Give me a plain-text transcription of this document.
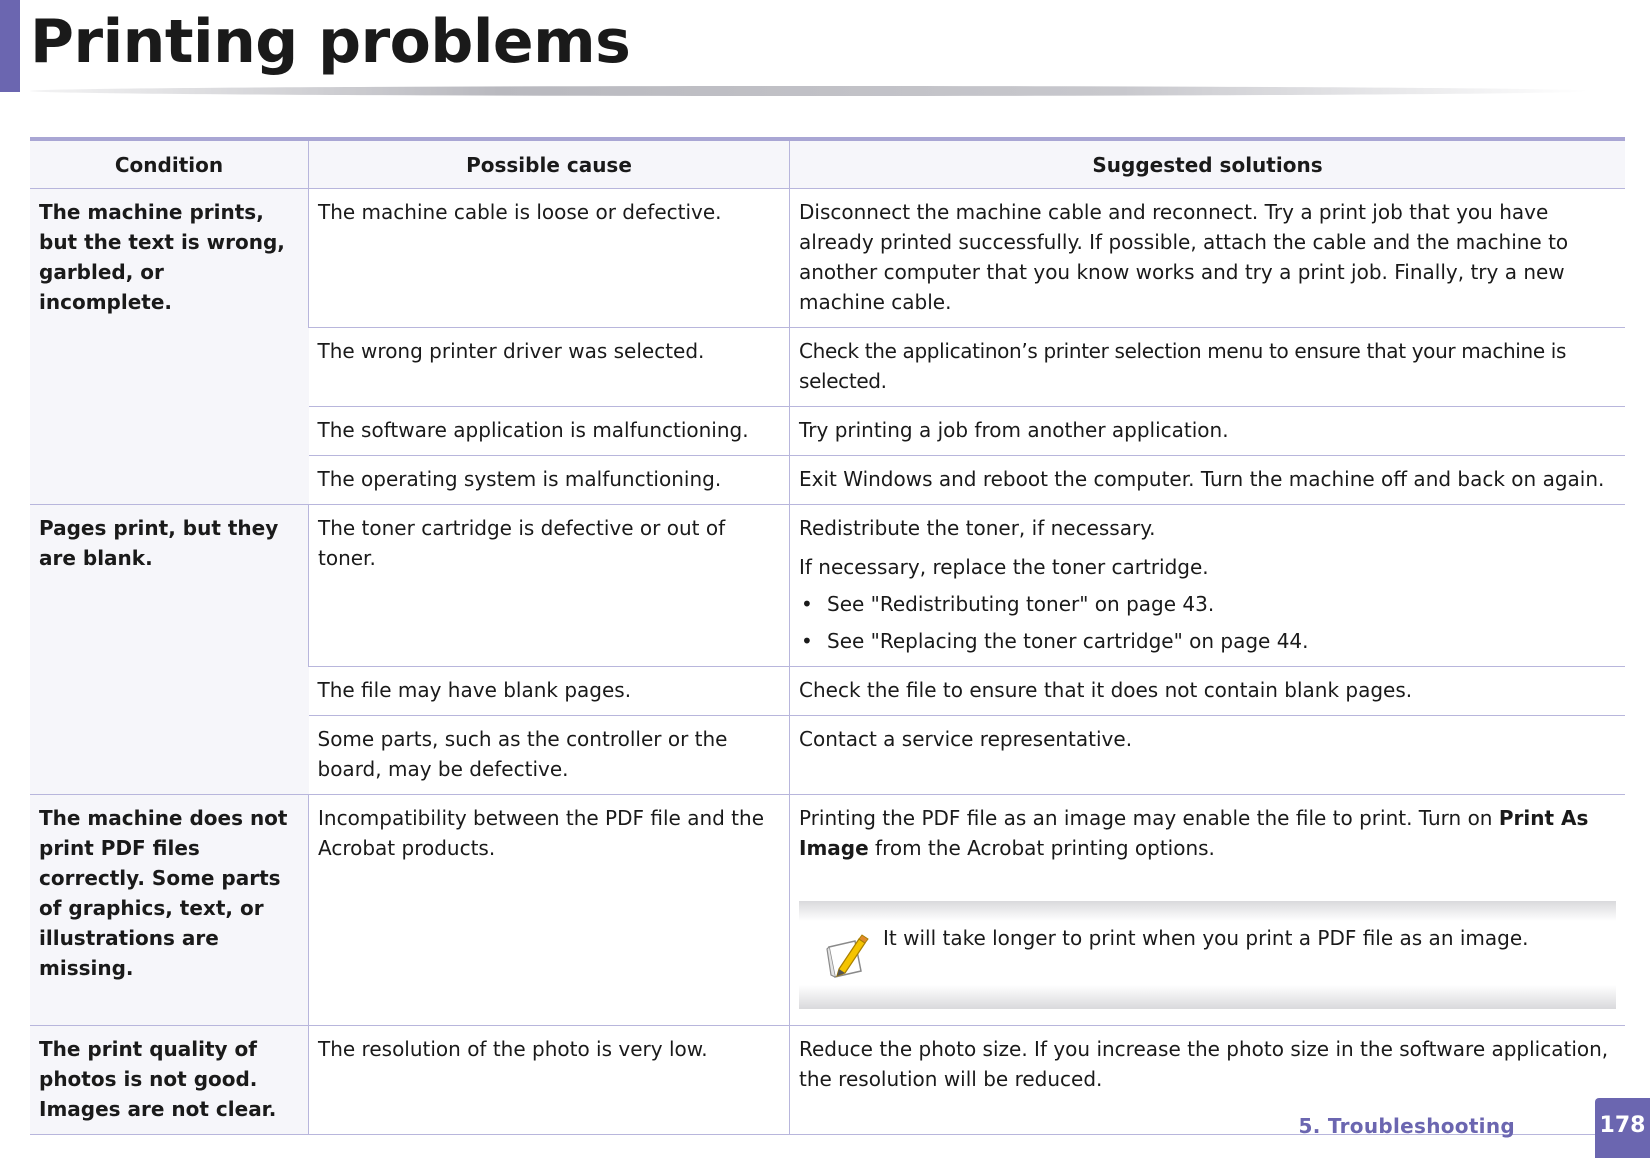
Printing problems
Condition	Possible cause	Suggested solutions
The machine prints, but the text is wrong, garbled, or incomplete.	The machine cable is loose or defective.	Disconnect the machine cable and reconnect. Try a print job that you have already printed successfully. If possible, attach the cable and the machine to another computer that you know works and try a print job. Finally, try a new machine cable.
	The wrong printer driver was selected.	Check the applicatinon’s printer selection menu to ensure that your machine is selected.
	The software application is malfunctioning.	Try printing a job from another application.
	The operating system is malfunctioning.	Exit Windows and reboot the computer. Turn the machine off and back on again.
Pages print, but they are blank.	The toner cartridge is defective or out of toner.	Redistribute the toner, if necessary.

If necessary, replace the toner cartridge.

• See "Redistributing toner" on page 43.
• See "Replacing the toner cartridge" on page 44.

	The file may have blank pages.	Check the file to ensure that it does not contain blank pages.
	Some parts, such as the controller or the board, may be defective.	Contact a service representative.
The machine does not print PDF files correctly. Some parts of graphics, text, or illustrations are missing.	Incompatibility between the PDF file and the Acrobat products.	Printing the PDF file as an image may enable the file to print. Turn on Print As Image from the Acrobat printing options.

It will take longer to print when you print a PDF file as an image.

The print quality of photos is not good. Images are not clear.	The resolution of the photo is very low.	Reduce the photo size. If you increase the photo size in the software application, the resolution will be reduced.
5. Troubleshooting	178
